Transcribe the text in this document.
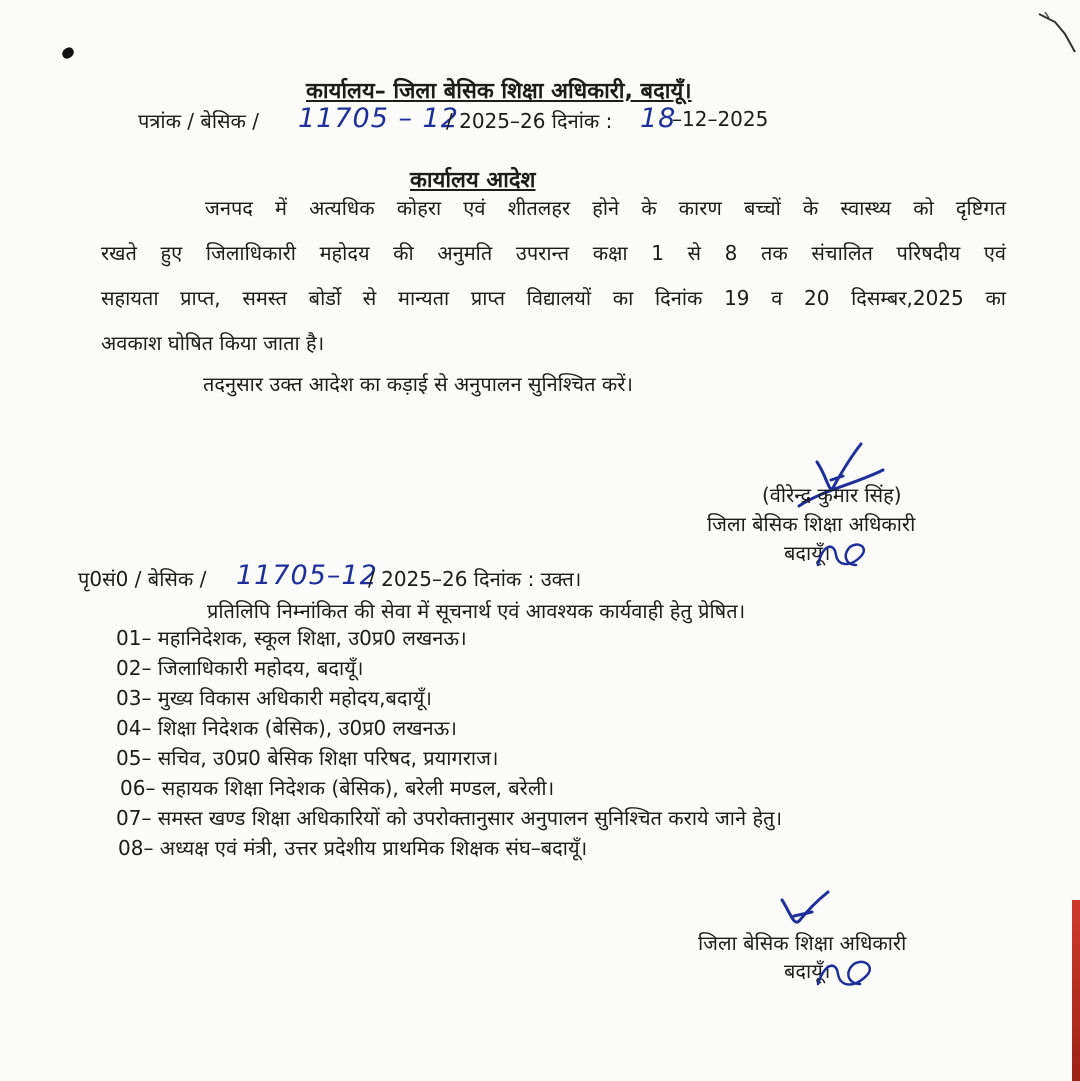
कार्यालय– जिला बेसिक शिक्षा अधिकारी, बदायूँ।
पत्रांक / बेसिक / 11705 – 12
/ 2025–26 दिनांक : 18
–12–2025
कार्यालय आदेश
जनपद में अत्यधिक कोहरा एवं शीतलहर होने के कारण बच्चों के स्वास्थ्य को दृष्टिगत
रखते हुए जिलाधिकारी महोदय की अनुमति उपरान्त कक्षा 1 से 8 तक संचालित परिषदीय एवं
सहायता प्राप्त, समस्त बोर्डो से मान्यता प्राप्त विद्यालयों का दिनांक 19 व 20 दिसम्बर,2025 का
अवकाश घोषित किया जाता है।
तदनुसार उक्त आदेश का कड़ाई से अनुपालन सुनिश्चित करें।
(वीरेन्द्र कुमार सिंह)
जिला बेसिक शिक्षा अधिकारी
बदायूँ।
पृ0सं0 / बेसिक / 11705–12
/ 2025–26 दिनांक : उक्त।
प्रतिलिपि निम्नांकित की सेवा में सूचनार्थ एवं आवश्यक कार्यवाही हेतु प्रेषित।
01– महानिदेशक, स्कूल शिक्षा, उ0प्र0 लखनऊ।
02– जिलाधिकारी महोदय, बदायूँ।
03– मुख्य विकास अधिकारी महोदय,बदायूँ।
04– शिक्षा निदेशक (बेसिक), उ0प्र0 लखनऊ।
05– सचिव, उ0प्र0 बेसिक शिक्षा परिषद, प्रयागराज।
06– सहायक शिक्षा निदेशक (बेसिक), बरेली मण्डल, बरेली।
07– समस्त खण्ड शिक्षा अधिकारियों को उपरोक्तानुसार अनुपालन सुनिश्चित कराये जाने हेतु।
08– अध्यक्ष एवं मंत्री, उत्तर प्रदेशीय प्राथमिक शिक्षक संघ–बदायूँ।
जिला बेसिक शिक्षा अधिकारी
बदायूँ।
